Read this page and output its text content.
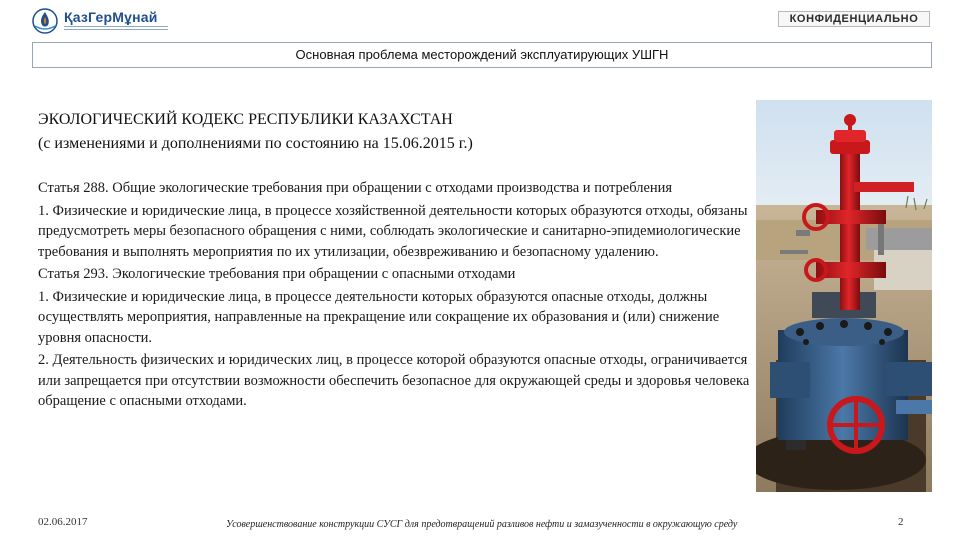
ҚазГерМұнай	КОНФИДЕНЦИАЛЬНО
Основная проблема месторождений эксплуатирующих УШГН
ЭКОЛОГИЧЕСКИЙ КОДЕКС РЕСПУБЛИКИ КАЗАХСТАН
(с изменениями и дополнениями по состоянию на 15.06.2015 г.)
Статья 288. Общие экологические требования при обращении с отходами производства и потребления
1. Физические и юридические лица, в процессе хозяйственной деятельности которых образуются отходы, обязаны предусмотреть меры безопасного обращения с ними, соблюдать экологические и санитарно-эпидемиологические требования и выполнять мероприятия по их утилизации, обезвреживанию и безопасному удалению.
Статья 293. Экологические требования при обращении с опасными отходами
1. Физические и юридические лица, в процессе деятельности которых образуются опасные отходы, должны осуществлять мероприятия, направленные на прекращение или сокращение их образования и (или) снижение уровня опасности.
2. Деятельность физических и юридических лиц, в процессе которой образуются опасные отходы, ограничивается или запрещается при отсутствии возможности обеспечить безопасное для окружающей среды и здоровья человека обращение с опасными отходами.
02.06.2017	Усовершенствование конструкции СУСГ для предотвращений разливов нефти и замазученности в окружающую среду	2
